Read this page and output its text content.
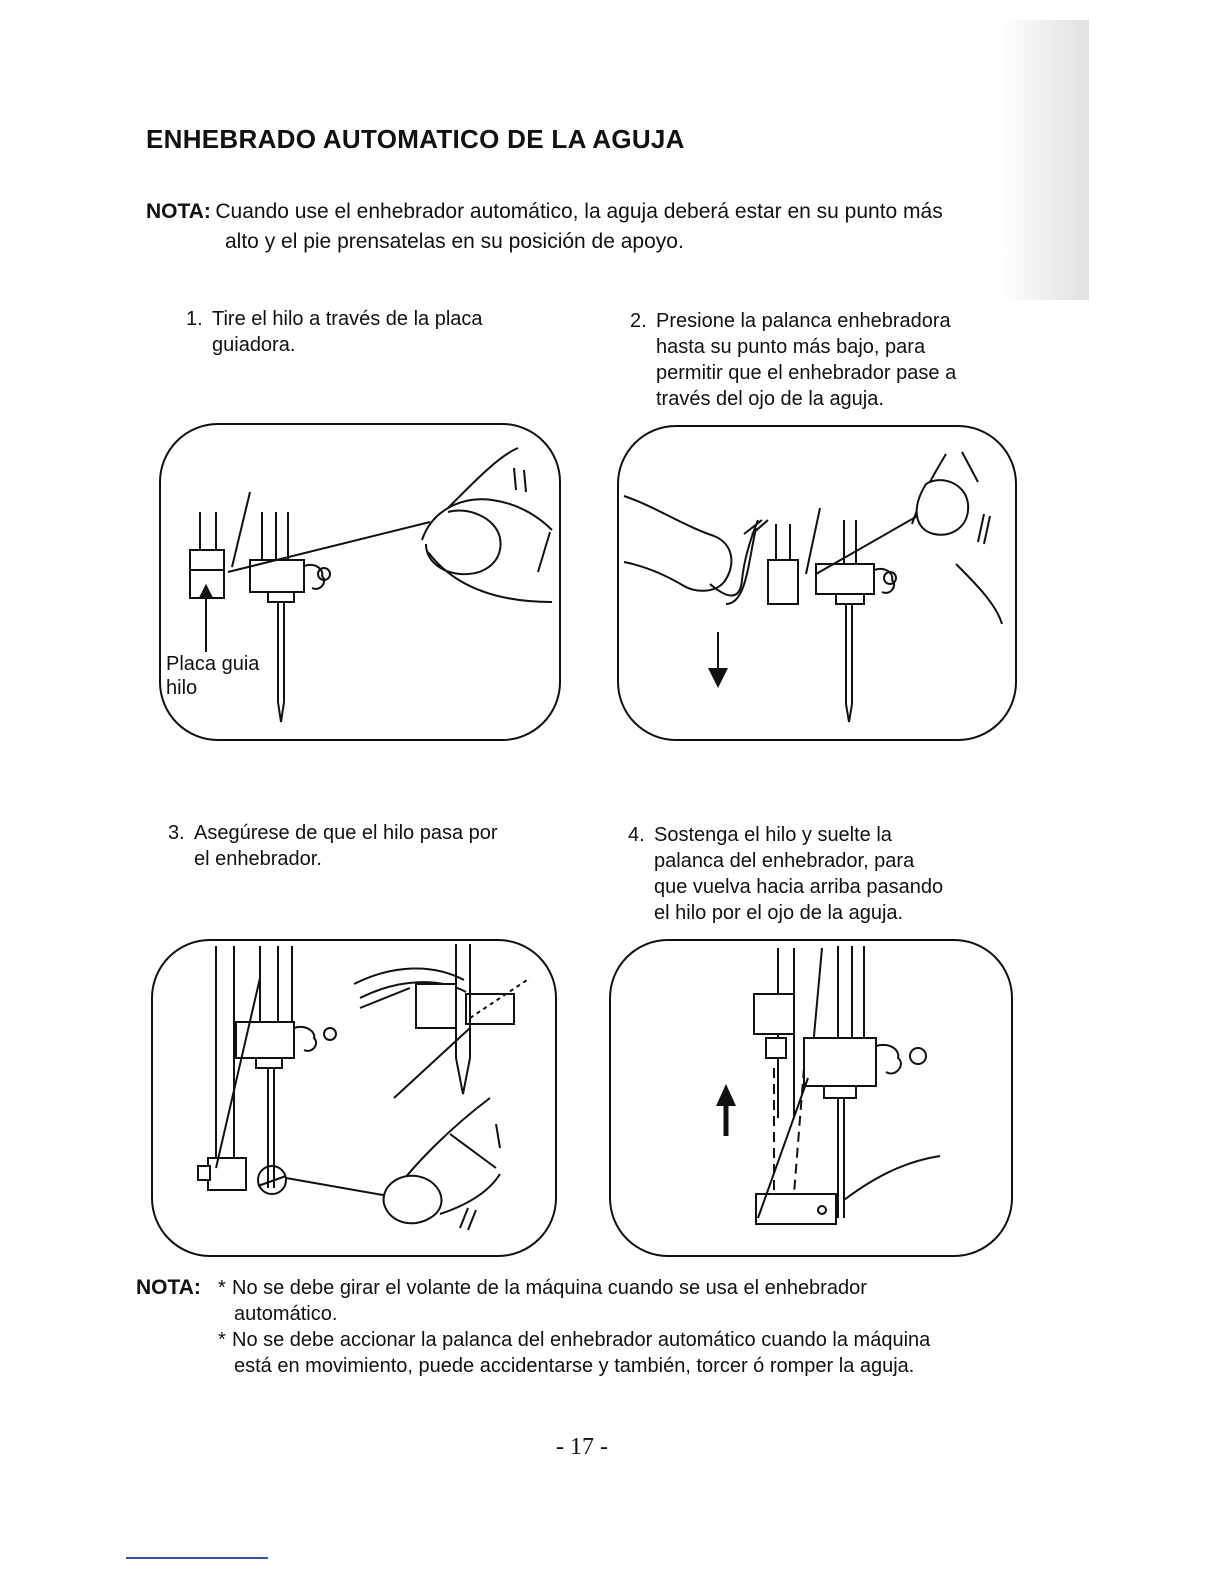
ENHEBRADO AUTOMATICO DE LA AGUJA
NOTA: Cuando use el enhebrador automático, la aguja deberá estar en su punto más
alto y el pie prensatelas en su posición de apoyo.
1. Tire el hilo a través de la placa
guiadora.
2. Presione la palanca enhebradora
hasta su punto más bajo, para
permitir que el enhebrador pase a
través del ojo de la aguja.
Placa guia
hilo
3. Asegúrese de que el hilo pasa por
el enhebrador.
4. Sostenga el hilo y suelte la
palanca del enhebrador, para
que vuelva hacia arriba pasando
el hilo por el ojo de la aguja.
NOTA: * No se debe girar el volante de la máquina cuando se usa el enhebrador
automático.
* No se debe accionar la palanca del enhebrador automático cuando la máquina
está en movimiento, puede accidentarse y también, torcer ó romper la aguja.
- 17 -
